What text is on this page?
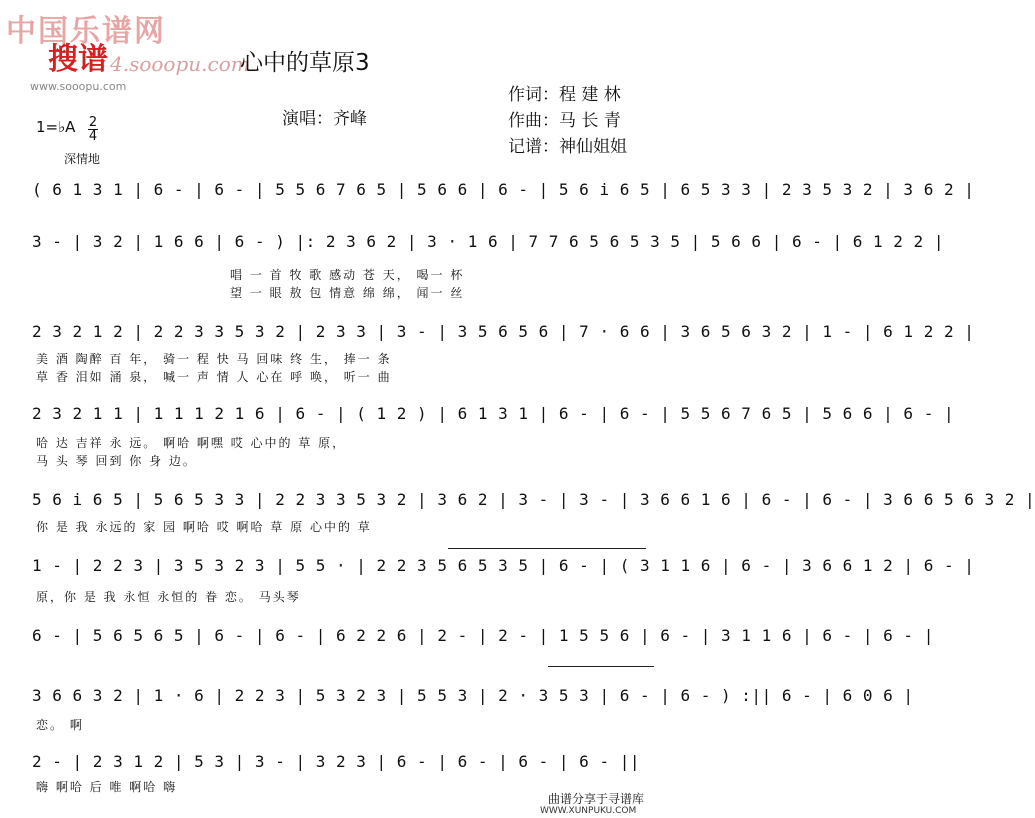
中国乐谱网
4.sooopu.com
搜谱
www.sooopu.com
心中的草原3
作词：程 建 林
作曲：马 长 青
记谱：神仙姐姐
演唱：齐峰
1=♭A 2
4
深情地
( 6 1 3 1 | 6 - | 6 - | 5 5 6 7 6 5 | 5 6 6 | 6 - | 5 6 i 6 5 | 6 5 3 3 | 2 3 5 3 2 | 3 6 2 |
3 - | 3 2 | 1 6 6 | 6 - ) |: 2 3 6 2 | 3 · 1 6 | 7 7 6 5 6 5 3 5 | 5 6 6 | 6 - | 6 1 2 2 |
唱 一 首 牧 歌 感动 苍 天， 喝一 杯
望 一 眼 敖 包 情意 绵 绵， 闻一 丝
2 3 2 1 2 | 2 2 3 3 5 3 2 | 2 3 3 | 3 - | 3 5 6 5 6 | 7 · 6 6 | 3 6 5 6 3 2 | 1 - | 6 1 2 2 |
美 酒 陶醉 百 年， 骑一 程 快 马 回味 终 生， 捧一 条
草 香 泪如 涌 泉， 喊一 声 情 人 心在 呼 唤， 听一 曲
2 3 2 1 1 | 1 1 1 2 1 6 | 6 - | ( 1 2 ) | 6 1 3 1 | 6 - | 6 - | 5 5 6 7 6 5 | 5 6 6 | 6 - |
哈 达 吉祥 永 远。 啊哈 啊嘿 哎 心中的 草 原，
马 头 琴 回到 你 身 边。
5 6 i 6 5 | 5 6 5 3 3 | 2 2 3 3 5 3 2 | 3 6 2 | 3 - | 3 - | 3 6 6 1 6 | 6 - | 6 - | 3 6 6 5 6 3 2 |
你 是 我 永远的 家 园 啊哈 哎 啊哈 草 原 心中的 草
1 - | 2 2 3 | 3 5 3 2 3 | 5 5 · | 2 2 3 5 6 5 3 5 | 6 - | ( 3 1 1 6 | 6 - | 3 6 6 1 2 | 6 - |
原，你 是 我 永恒 永恒的 眷 恋。 马头琴
6 - | 5 6 5 6 5 | 6 - | 6 - | 6 2 2 6 | 2 - | 2 - | 1 5 5 6 | 6 - | 3 1 1 6 | 6 - | 6 - |
3 6 6 3 2 | 1 · 6 | 2 2 3 | 5 3 2 3 | 5 5 3 | 2 · 3 5 3 | 6 - | 6 - ) :|| 6 - | 6 0 6 |
恋。 啊
2 - | 2 3 1 2 | 5 3 | 3 - | 3 2 3 | 6 - | 6 - | 6 - | 6 - ||
嗨 啊哈 后 唯 啊哈 嗨
曲谱分享于寻谱库
WWW.XUNPUKU.COM
